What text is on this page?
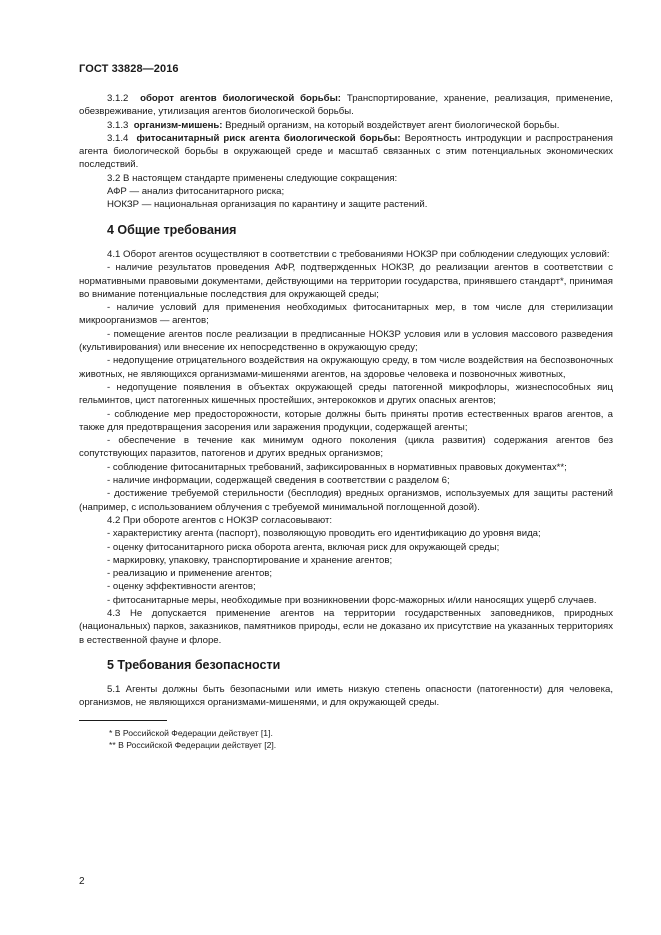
ГОСТ 33828—2016

3.1.2 оборот агентов биологической борьбы: Транспортирование, хранение, реализация, применение, обезвреживание, утилизация агентов биологической борьбы.

3.1.3 организм-мишень: Вредный организм, на который воздействует агент биологической борьбы.

3.1.4 фитосанитарный риск агента биологической борьбы: Вероятность интродукции и распространения агента биологической борьбы в окружающей среде и масштаб связанных с этим потенциальных экономических последствий.

3.2 В настоящем стандарте применены следующие сокращения:

АФР — анализ фитосанитарного риска;

НОКЗР — национальная организация по карантину и защите растений.

4 Общие требования

4.1 Оборот агентов осуществляют в соответствии с требованиями НОКЗР при соблюдении следующих условий:

- наличие результатов проведения АФР, подтвержденных НОКЗР, до реализации агентов в соответствии с нормативными правовыми документами, действующими на территории государства, принявшего стандарт*, принимая во внимание потенциальные последствия для окружающей среды;

- наличие условий для применения необходимых фитосанитарных мер, в том числе для стерилизации микроорганизмов — агентов;

- помещение агентов после реализации в предписанные НОКЗР условия или в условия массового разведения (культивирования) или внесение их непосредственно в окружающую среду;

- недопущение отрицательного воздействия на окружающую среду, в том числе воздействия на беспозвоночных животных, не являющихся организмами-мишенями агентов, на здоровье человека и позвоночных животных,

- недопущение появления в объектах окружающей среды патогенной микрофлоры, жизнеспособных яиц гельминтов, цист патогенных кишечных простейших, энтерококков и других опасных агентов;

- соблюдение мер предосторожности, которые должны быть приняты против естественных врагов агентов, а также для предотвращения засорения или заражения продукции, содержащей агенты;

- обеспечение в течение как минимум одного поколения (цикла развития) содержания агентов без сопутствующих паразитов, патогенов и других вредных организмов;

- соблюдение фитосанитарных требований, зафиксированных в нормативных правовых документах**;

- наличие информации, содержащей сведения в соответствии с разделом 6;

- достижение требуемой стерильности (бесплодия) вредных организмов, используемых для защиты растений (например, с использованием облучения с требуемой минимальной поглощенной дозой).

4.2 При обороте агентов с НОКЗР согласовывают:

- характеристику агента (паспорт), позволяющую проводить его идентификацию до уровня вида;

- оценку фитосанитарного риска оборота агента, включая риск для окружающей среды;

- маркировку, упаковку, транспортирование и хранение агентов;

- реализацию и применение агентов;

- оценку эффективности агентов;

- фитосанитарные меры, необходимые при возникновении форс-мажорных и/или наносящих ущерб случаев.

4.3 Не допускается применение агентов на территории государственных заповедников, природных (национальных) парков, заказников, памятников природы, если не доказано их присутствие на указанных территориях в естественной фауне и флоре.

5 Требования безопасности

5.1 Агенты должны быть безопасными или иметь низкую степень опасности (патогенности) для человека, организмов, не являющихся организмами-мишенями, и для окружающей среды.

* В Российской Федерации действует [1].
** В Российской Федерации действует [2].
2
